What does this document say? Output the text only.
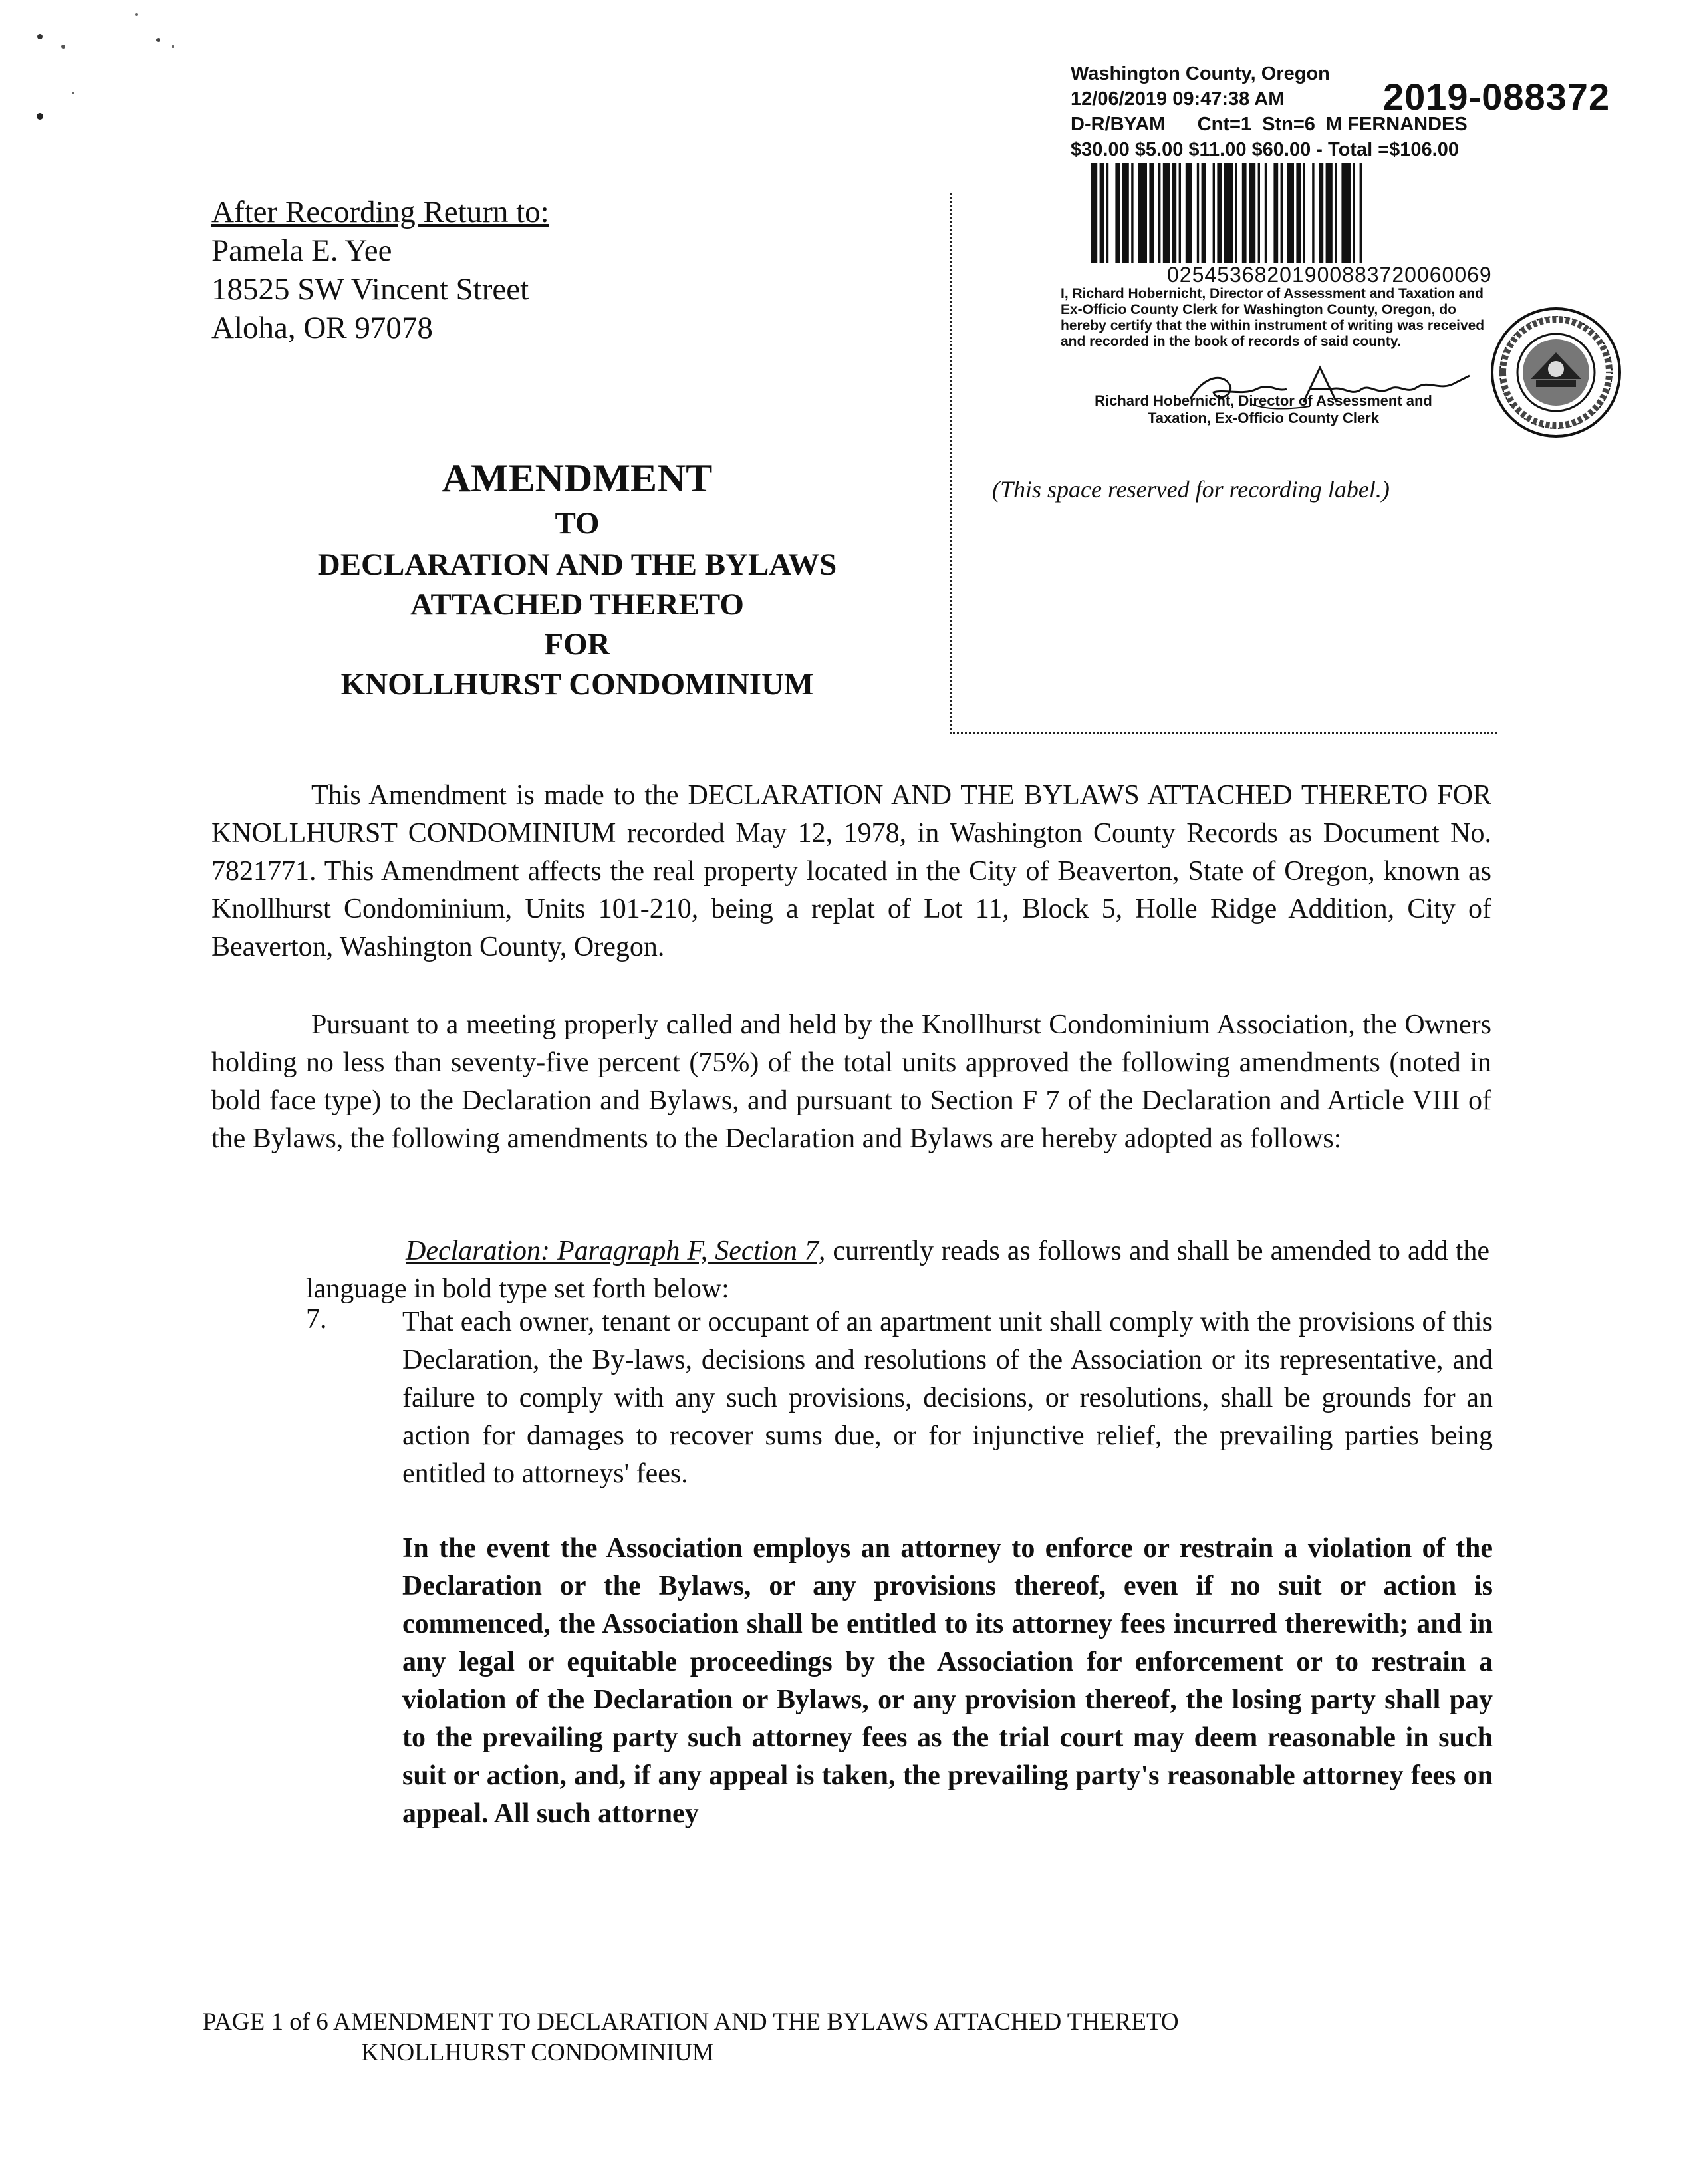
After Recording Return to:
Pamela E. Yee
18525 SW Vincent Street
Aloha, OR 97078
Washington County, Oregon
12/06/2019 09:47:38 AM	2019-088372
D-R/BYAM      Cnt=1  Stn=6  M FERNANDES
$30.00 $5.00 $11.00 $60.00 - Total =$106.00
02545368201900883720060069
I, Richard Hobernicht, Director of Assessment and Taxation and Ex-Officio County Clerk for Washington County, Oregon, do hereby certify that the within instrument of writing was received and recorded in the book of records of said county.
Richard Hobernicht, Director of Assessment and
Taxation, Ex-Officio County Clerk
(This space reserved for recording label.)
AMENDMENT
TO
DECLARATION AND THE BYLAWS
ATTACHED THERETO
FOR
KNOLLHURST CONDOMINIUM
This Amendment is made to the DECLARATION AND THE BYLAWS ATTACHED THERETO FOR KNOLLHURST CONDOMINIUM recorded May 12, 1978, in Washington County Records as Document No. 7821771. This Amendment affects the real property located in the City of Beaverton, State of Oregon, known as Knollhurst Condominium, Units 101-210, being a replat of Lot 11, Block 5, Holle Ridge Addition, City of Beaverton, Washington County, Oregon.
Pursuant to a meeting properly called and held by the Knollhurst Condominium Association, the Owners holding no less than seventy-five percent (75%) of the total units approved the following amendments (noted in bold face type) to the Declaration and Bylaws, and pursuant to Section F 7 of the Declaration and Article VIII of the Bylaws, the following amendments to the Declaration and Bylaws are hereby adopted as follows:
Declaration: Paragraph F, Section 7, currently reads as follows and shall be amended to add the language in bold type set forth below:
7.	That each owner, tenant or occupant of an apartment unit shall comply with the provisions of this Declaration, the By-laws, decisions and resolutions of the Association or its representative, and failure to comply with any such provisions, decisions, or resolutions, shall be grounds for an action for damages to recover sums due, or for injunctive relief, the prevailing parties being entitled to attorneys' fees.
In the event the Association employs an attorney to enforce or restrain a violation of the Declaration or the Bylaws, or any provisions thereof, even if no suit or action is commenced, the Association shall be entitled to its attorney fees incurred therewith; and in any legal or equitable proceedings by the Association for enforcement or to restrain a violation of the Declaration or Bylaws, or any provision thereof, the losing party shall pay to the prevailing party such attorney fees as the trial court may deem reasonable in such suit or action, and, if any appeal is taken, the prevailing party's reasonable attorney fees on appeal. All such attorney
PAGE 1 of 6 AMENDMENT TO DECLARATION AND THE BYLAWS ATTACHED THERETO
KNOLLHURST CONDOMINIUM
